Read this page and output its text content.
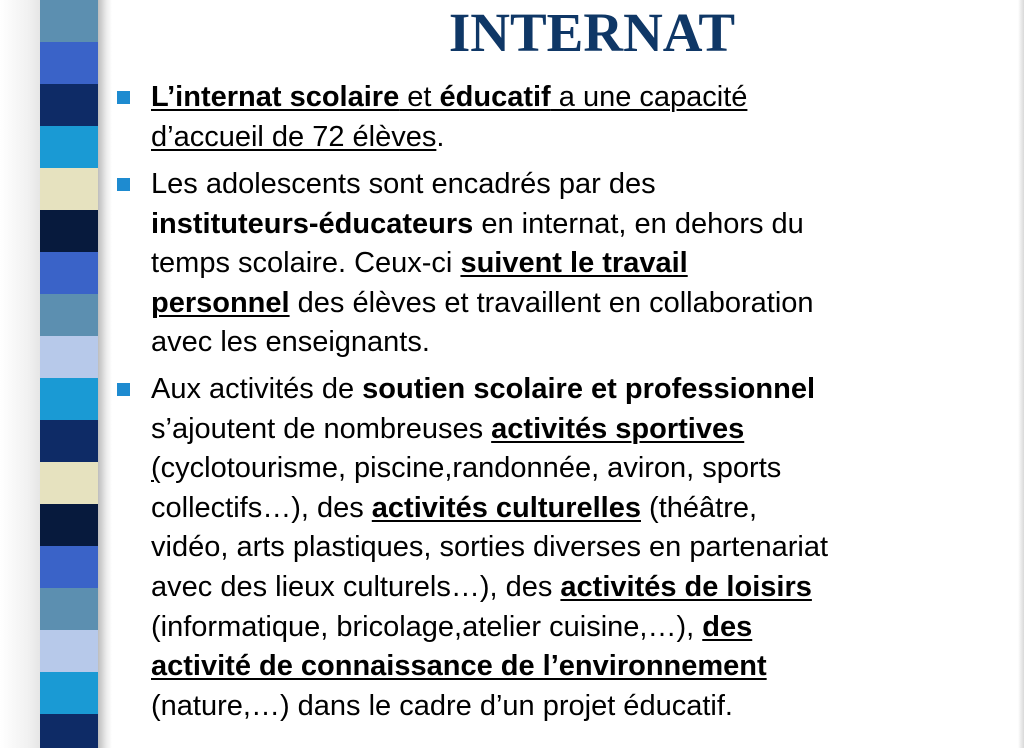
INTERNAT

L’internat scolaire et éducatif a une capacité
d’accueil de 72 élèves.

Les adolescents sont encadrés par des
instituteurs-éducateurs en internat, en dehors du
temps scolaire. Ceux-ci suivent le travail
personnel des élèves et travaillent en collaboration
avec les enseignants.

Aux activités de soutien scolaire et professionnel
s’ajoutent de nombreuses activités sportives
(cyclotourisme, piscine,randonnée, aviron, sports
collectifs…), des activités culturelles (théâtre,
vidéo, arts plastiques, sorties diverses en partenariat
avec des lieux culturels…), des activités de loisirs
(informatique, bricolage,atelier cuisine,…), des
activité de connaissance de l’environnement
(nature,…) dans le cadre d’un projet éducatif.
